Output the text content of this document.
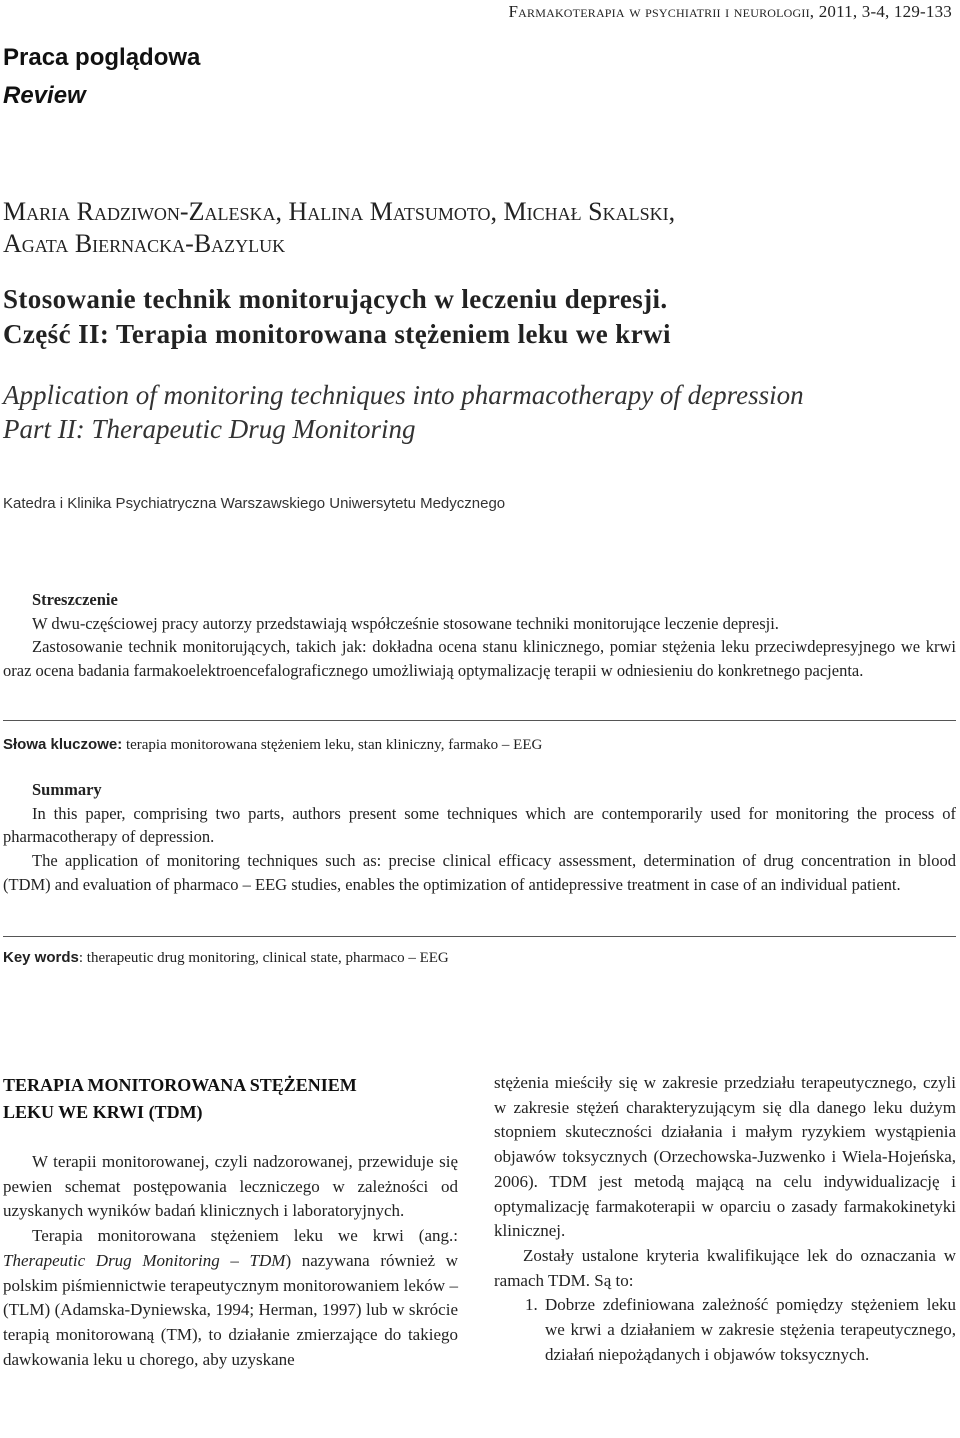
Farmakoterapia w psychiatrii i neurologii, 2011, 3-4, 129-133
Praca poglądowa
Review
Maria Radziwon-Zaleska, Halina Matsumoto, Michał Skalski,
Agata Biernacka-Bazyluk
Stosowanie technik monitorujących w leczeniu depresji.
Część II: Terapia monitorowana stężeniem leku we krwi
Application of monitoring techniques into pharmacotherapy of depression
Part II: Therapeutic Drug Monitoring
Katedra i Klinika Psychiatryczna Warszawskiego Uniwersytetu Medycznego
Streszczenie

W dwu-częściowej pracy autorzy przedstawiają współcześnie stosowane techniki monitorujące leczenie depresji.

Zastosowanie technik monitorujących, takich jak: dokładna ocena stanu klinicznego, pomiar stężenia leku przeciwdepresyjnego we krwi oraz ocena badania farmakoelektroencefalograficznego umożliwiają optymalizację terapii w odniesieniu do konkretnego pacjenta.

Słowa kluczowe: terapia monitorowana stężeniem leku, stan kliniczny, farmako – EEG
Summary

In this paper, comprising two parts, authors present some techniques which are contemporarily used for monitoring the process of pharmacotherapy of depression.

The application of monitoring techniques such as: precise clinical efficacy assessment, determination of drug concentration in blood (TDM) and evaluation of pharmaco – EEG studies, enables the optimization of antidepressive treatment in case of an individual patient.

Key words: therapeutic drug monitoring, clinical state, pharmaco – EEG
TERAPIA MONITOROWANA STĘŻENIEM
LEKU WE KRWI (TDM)

W terapii monitorowanej, czyli nadzorowanej, przewiduje się pewien schemat postępowania leczniczego w zależności od uzyskanych wyników badań klinicznych i laboratoryjnych.

Terapia monitorowana stężeniem leku we krwi (ang.: Therapeutic Drug Monitoring – TDM) nazywana również w polskim piśmiennictwie terapeutycznym monitorowaniem leków – (TLM) (Adamska-Dyniewska, 1994; Herman, 1997) lub w skrócie terapią monitorowaną (TM), to działanie zmierzające do takiego dawkowania leku u chorego, aby uzyskane

stężenia mieściły się w zakresie przedziału terapeutycznego, czyli w zakresie stężeń charakteryzującym się dla danego leku dużym stopniem skuteczności działania i małym ryzykiem wystąpienia objawów toksycznych (Orzechowska-Juzwenko i Wiela-Hojeńska, 2006). TDM jest metodą mającą na celu indywidualizację i optymalizację farmakoterapii w oparciu o zasady farmakokinetyki klinicznej.

Zostały ustalone kryteria kwalifikujące lek do oznaczania w ramach TDM. Są to:

1. Dobrze zdefiniowana zależność pomiędzy stężeniem leku we krwi a działaniem w zakresie stężenia terapeutycznego, działań niepożądanych i objawów toksycznych.
